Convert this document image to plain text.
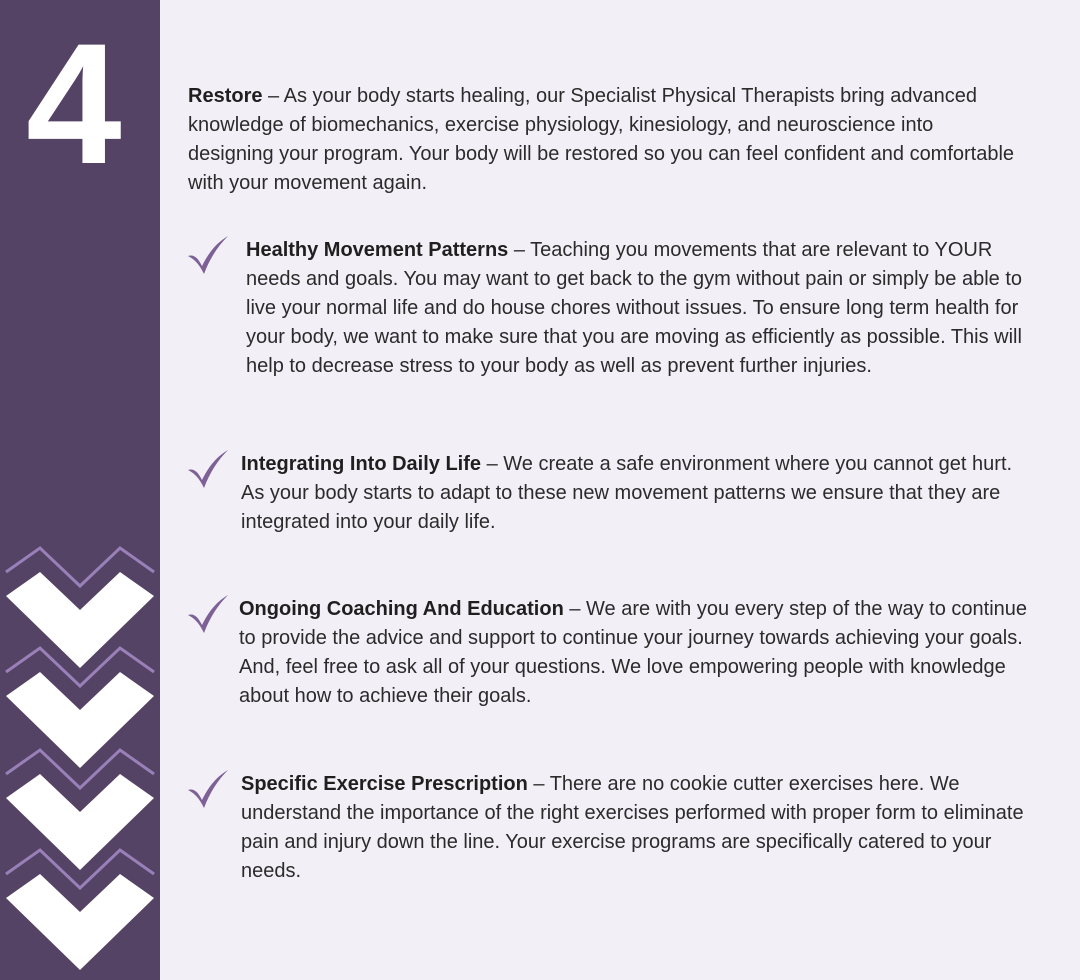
4	Restore – As your body starts healing, our Specialist Physical Therapists bring advanced knowledge of biomechanics, exercise physiology, kinesiology, and neuroscience into designing your program. Your body will be restored so you can feel confident and comfortable with your movement again.

Healthy Movement Patterns – Teaching you movements that are relevant to YOUR needs and goals. You may want to get back to the gym without pain or simply be able to live your normal life and do house chores without issues. To ensure long term health for your body, we want to make sure that you are moving as efficiently as possible. This will help to decrease stress to your body as well as prevent further injuries.

Integrating Into Daily Life – We create a safe environment where you cannot get hurt. As your body starts to adapt to these new movement patterns we ensure that they are integrated into your daily life.

Ongoing Coaching And Education – We are with you every step of the way to continue to provide the advice and support to continue your journey towards achieving your goals. And, feel free to ask all of your questions. We love empowering people with knowledge about how to achieve their goals.

Specific Exercise Prescription – There are no cookie cutter exercises here. We understand the importance of the right exercises performed with proper form to eliminate pain and injury down the line. Your exercise programs are specifically catered to your needs.
